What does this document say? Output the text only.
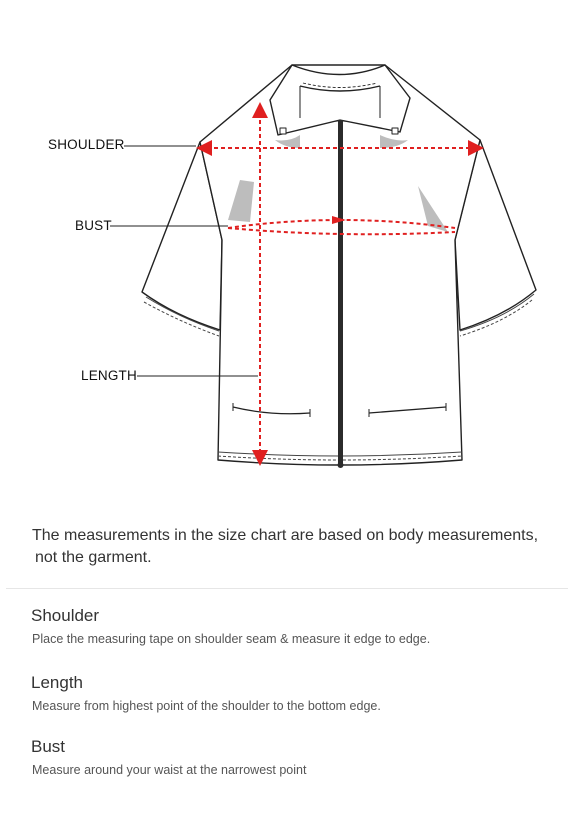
SHOULDER
BUST
LENGTH
The measurements in the size chart are based on body measurements,
not the garment.

Shoulder

Place the measuring tape on shoulder seam & measure it edge to edge.

Length

Measure from highest point of the shoulder to the bottom edge.

Bust

Measure around your waist at the narrowest point
